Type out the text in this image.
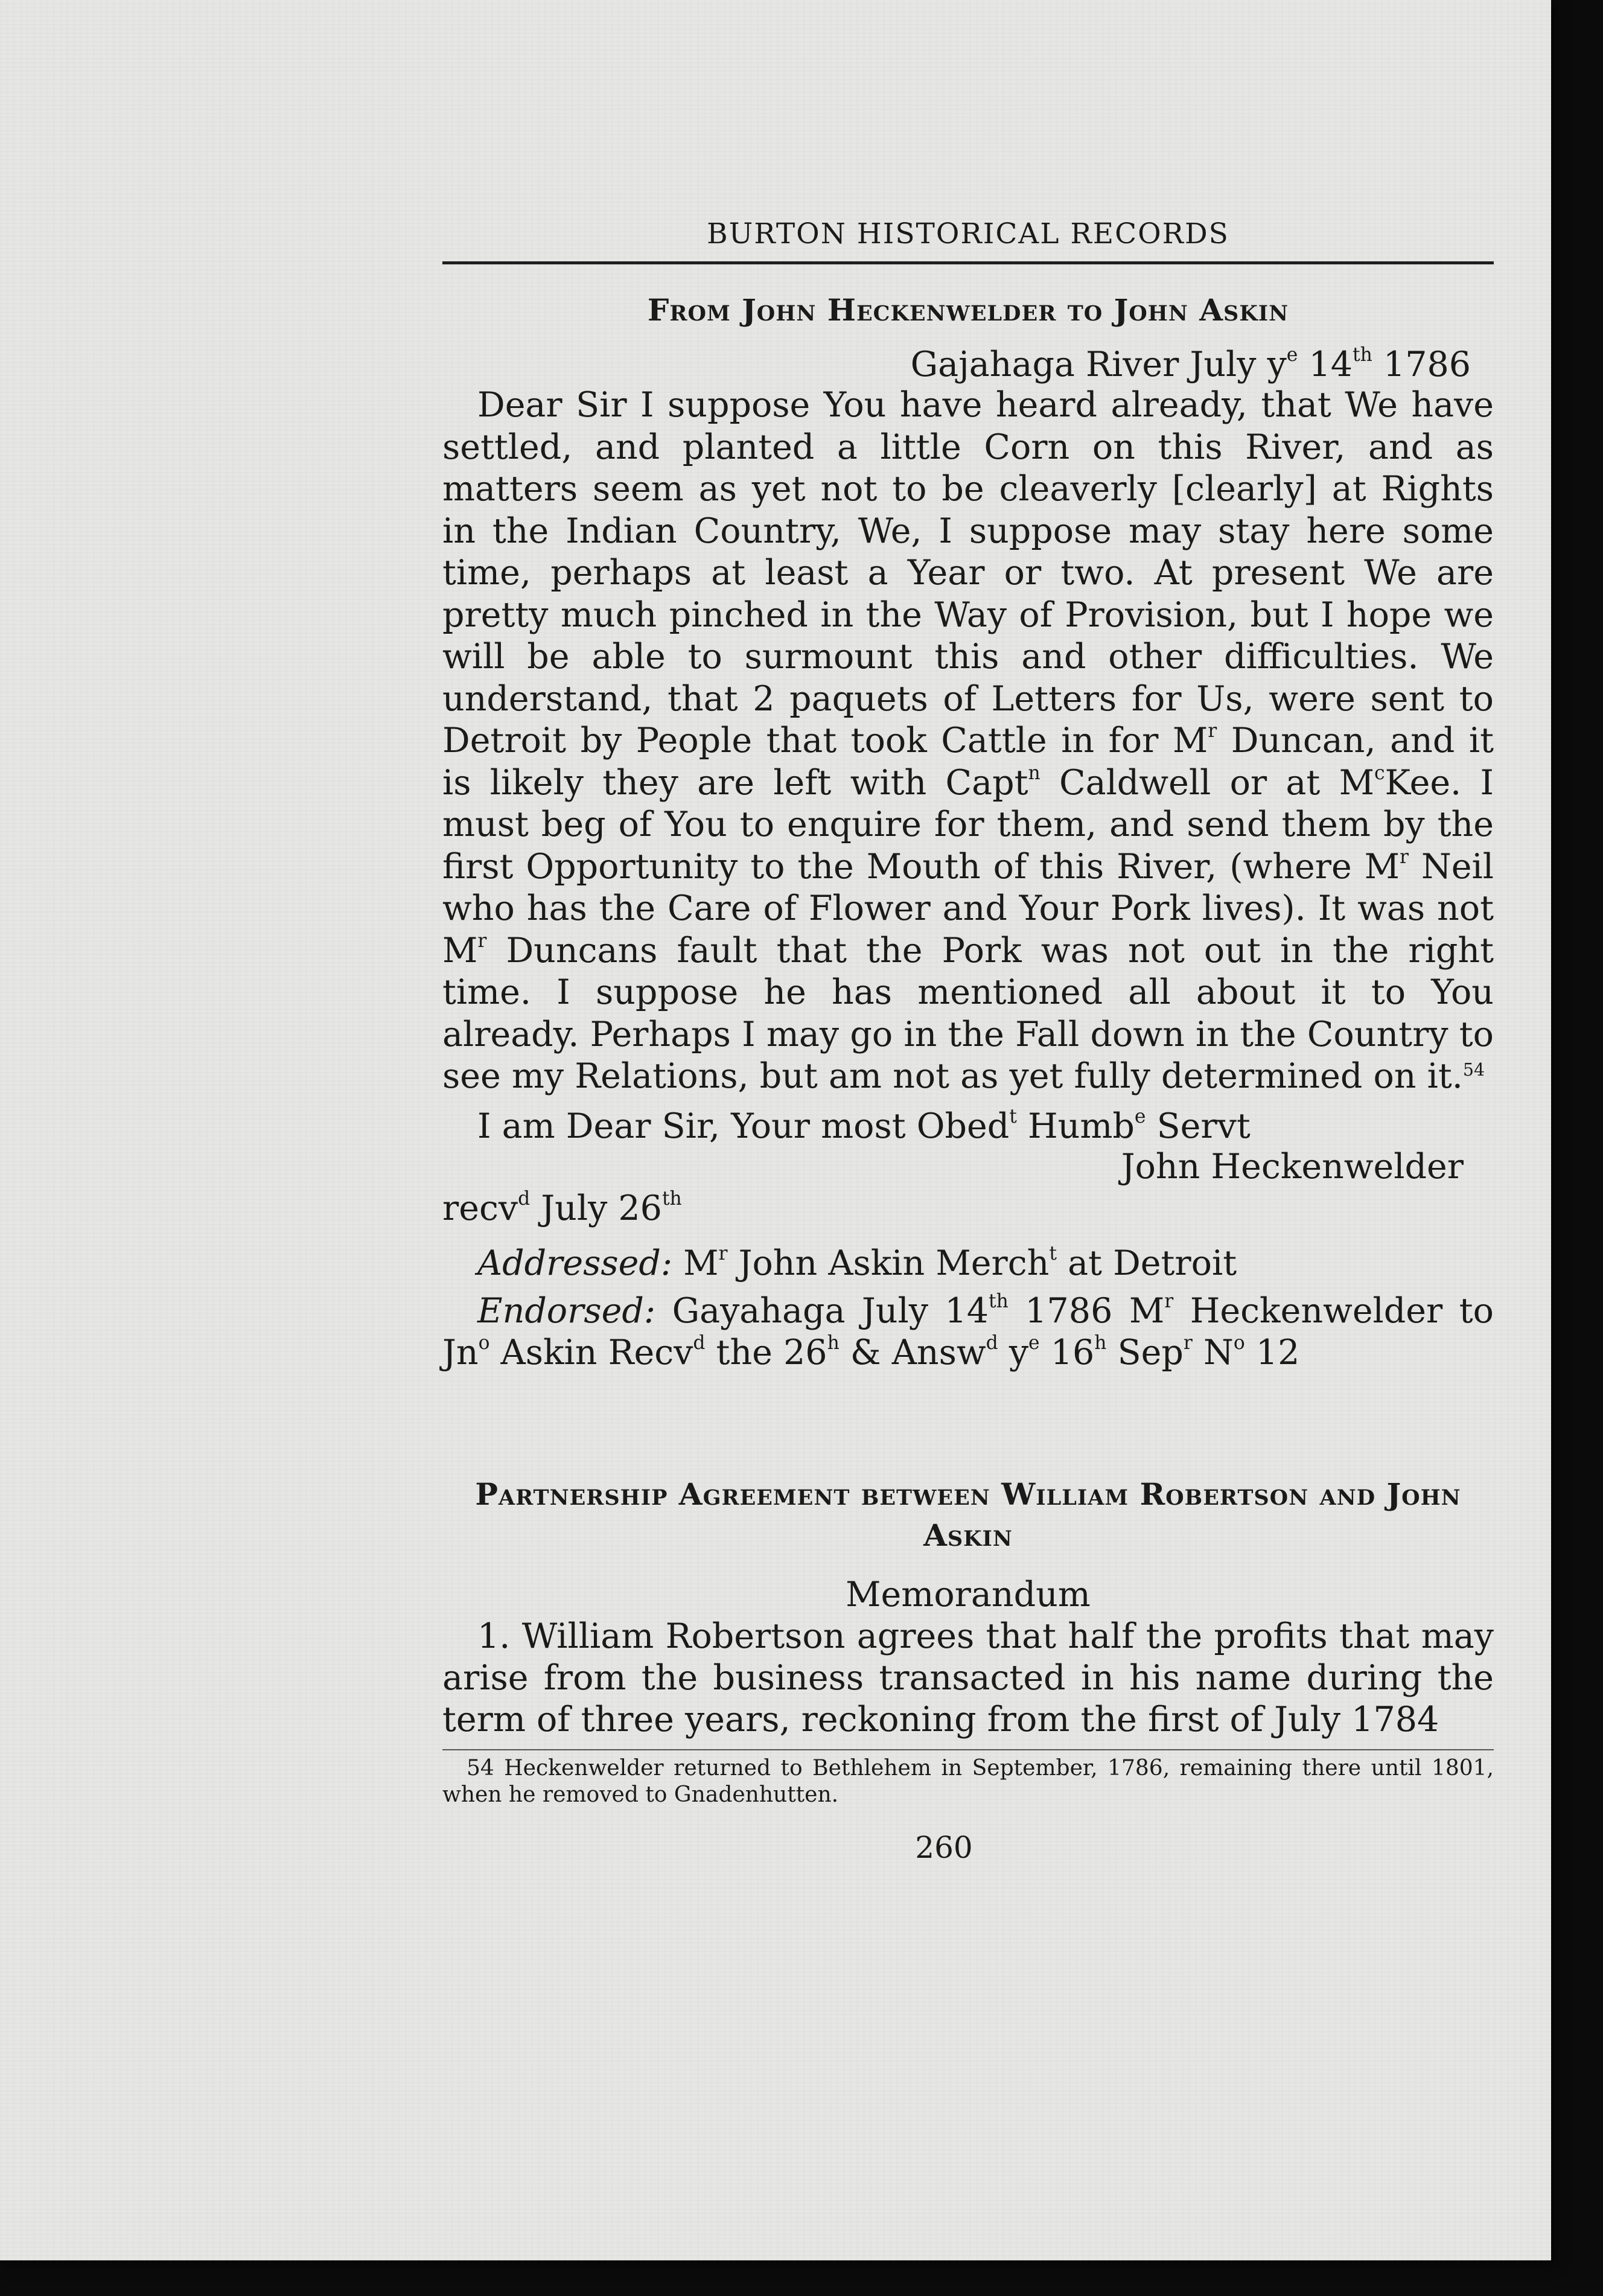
BURTON HISTORICAL RECORDS
From John Heckenwelder to John Askin
Gajahaga River July $y^e$ 14th 1786

Dear Sir I suppose You have heard already, that We have settled, and planted a little Corn on this River, and as matters seem as yet not to be cleaverly [clearly] at Rights in the Indian Country, We, I suppose may stay here some time, perhaps at least a Year or two. At present We are pretty much pinched in the Way of Provision, but I hope we will be able to surmount this and other difficulties. We understand, that 2 paquets of Letters for Us, were sent to Detroit by People that took Cattle in for $M^r$ Duncan, and it is likely they are left with Capt$^n$ Caldwell or at $M^cKee$. I must beg of You to enquire for them, and send them by the first Opportunity to the Mouth of this River, (where $M^r$ Neil who has the Care of Flower and Your Pork lives). It was not $M^r$ Duncans fault that the Pork was not out in the right time. I suppose he has mentioned all about it to You already. Perhaps I may go in the Fall down in the Country to see my Relations, but am not as yet fully determined on it.$^{54}$

I am Dear Sir, Your most Obed$^t$ Humb$^e$ Servt
John Heckenwelder
recv$^d$ July 26th
Addressed: $M^r$ John Askin Merch$^t$ at Detroit

Endorsed: Gayahaga July 14th 1786 $M^r$ Heckenwelder to Jn$^o$ Askin Recv$^d$ the 26$^h$ & Answ$^d$ $y^e$ 16$^h$ Sep$^r$ $N^o$ 12

Partnership Agreement between William Robertson and John Askin
Memorandum

1. William Robertson agrees that half the profits that may arise from the business transacted in his name during the term of three years, reckoning from the first of July 1784

54 Heckenwelder returned to Bethlehem in September, 1786, remaining there until 1801, when he removed to Gnadenhutten.

260
